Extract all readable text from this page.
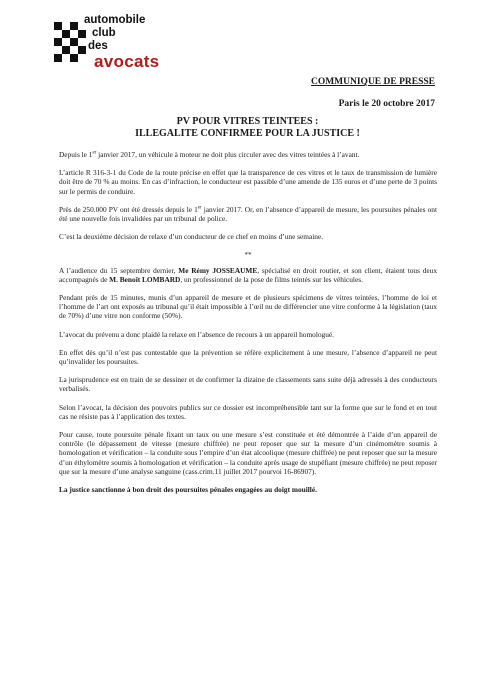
automobile
club
des
avocats
COMMUNIQUE DE PRESSE
Paris le 20 octobre 2017
PV POUR VITRES TEINTEES :
ILLEGALITE CONFIRMEE POUR LA JUSTICE !

Depuis le 1er janvier 2017, un véhicule à moteur ne doit plus circuler avec des vitres teintées à l’avant.

L’article R 316-3-1 du Code de la route précise en effet que la transparence de ces vitres et le taux de transmission de lumière doit être de 70 % au moins. En cas d’infraction, le conducteur est passible d’une amende de 135 euros et d’une perte de 3 points sur le permis de conduire.

Près de 250.000 PV ont été dressés depuis le 1er janvier 2017. Or, en l’absence d’appareil de mesure, les poursuites pénales ont été une nouvelle fois invalidées par un tribunal de police.

C’est la deuxième décision de relaxe d’un conducteur de ce chef en moins d’une semaine.

**

A l’audience du 15 septembre dernier, Me Rémy JOSSEAUME, spécialisé en droit routier, et son client, étaient tous deux accompagnés de M. Benoît LOMBARD, un professionnel de la pose de films teintés sur les véhicules.

Pendant près de 15 minutes, munis d’un appareil de mesure et de plusieurs spécimens de vitres teintées, l’homme de loi et l’homme de l’art ont exposés au tribunal qu’il était impossible à l’œil nu de différencier une vitre conforme à la législation (taux de 70%) d’une vitre non conforme (50%).

L’avocat du prévenu a donc plaidé la relaxe en l’absence de recours à un appareil homologué.

En effet dès qu’il n’est pas contestable que la prévention se réfère explicitement à une mesure, l’absence d’appareil ne peut qu’invalider les poursuites.

La jurisprudence est en train de se dessiner et de confirmer la dizaine de classements sans suite déjà adressés à des conducteurs verbalisés.

Selon l’avocat, la décision des pouvoirs publics sur ce dossier est incompréhensible tant sur la forme que sur le fond et en tout cas ne résiste pas à l’application des textes.

Pour cause, toute poursuite pénale fixant un taux ou une mesure s’est constituée et été démontrée à l’aide d’un appareil de contrôle (le dépassement de vitesse (mesure chiffrée) ne peut reposer que sur la mesure d’un cinémomètre soumis à homologation et vérification – la conduite sous l’empire d’un état alcoolique (mesure chiffrée) ne peut reposer que sur la mesure d’un éthylomètre soumis à homologation et vérification – la conduite après usage de stupéfiant (mesure chiffrée) ne peut reposer que sur la mesure d’une analyse sanguine (cass.crim.11 juillet 2017 pourvoi 16-86907).

La justice sanctionne à bon droit des poursuites pénales engagées au doigt mouillé.
